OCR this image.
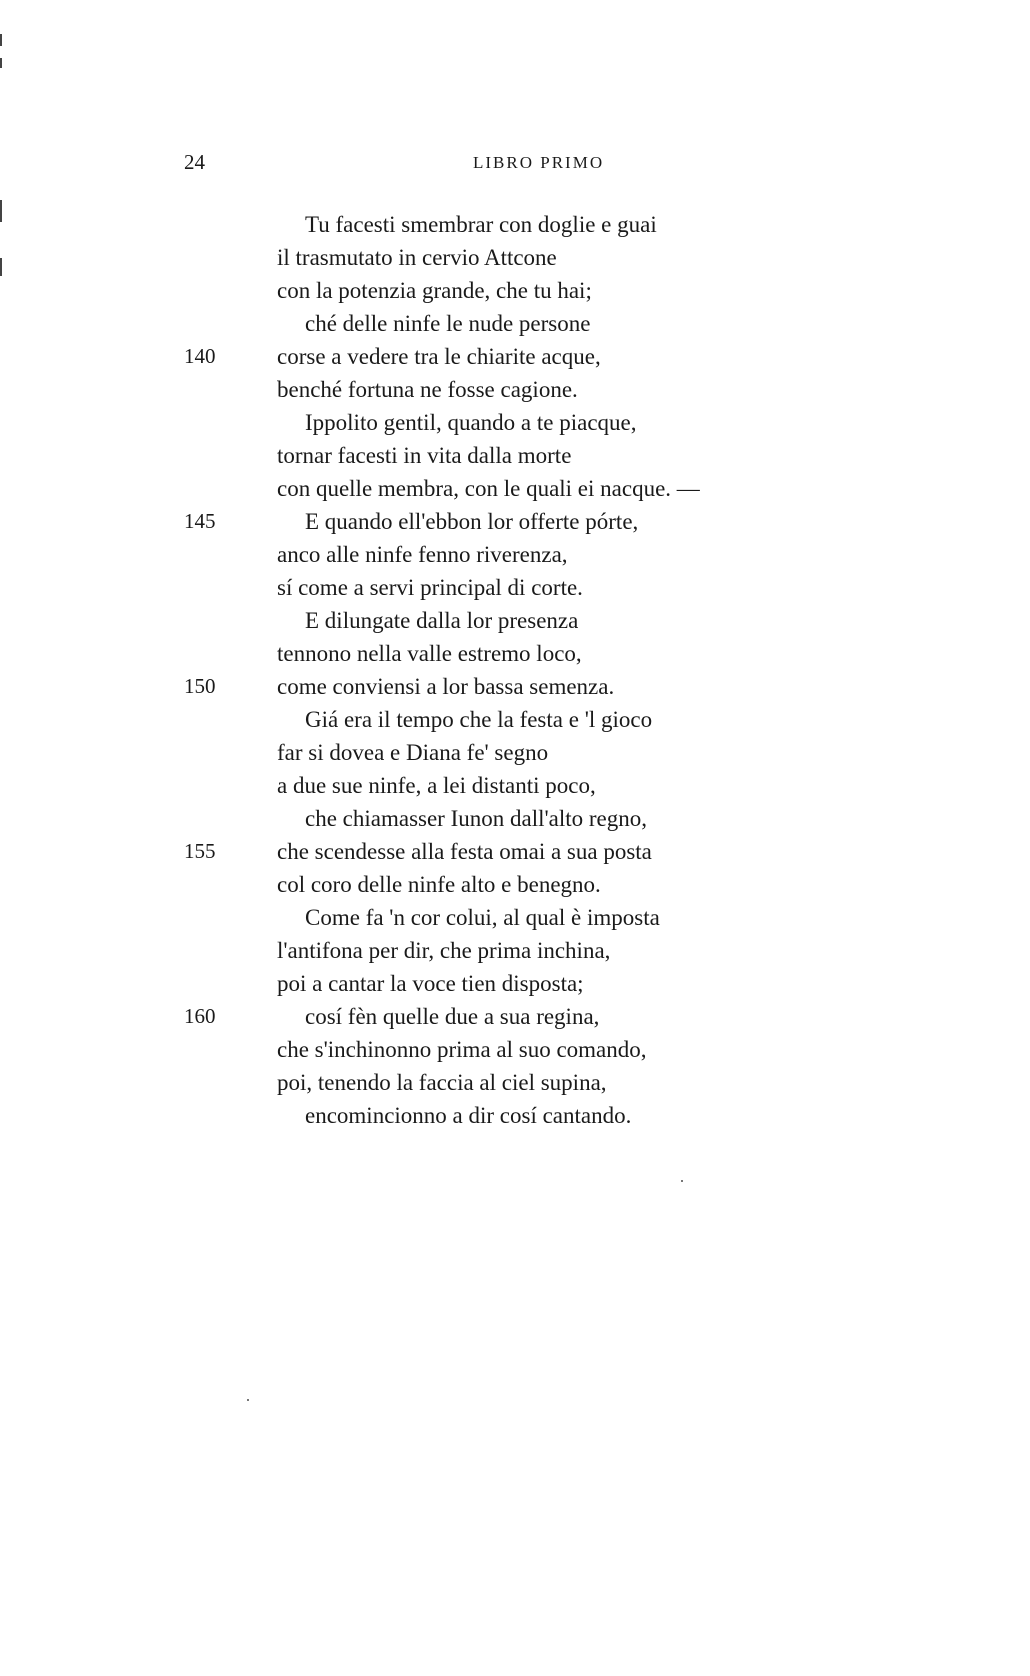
24	LIBRO PRIMO
Tu facesti smembrar con doglie e guai
il trasmutato in cervio Attcone
con la potenzia grande, che tu hai;
ché delle ninfe le nude persone
140	corse a vedere tra le chiarite acque,
benché fortuna ne fosse cagione.
Ippolito gentil, quando a te piacque,
tornar facesti in vita dalla morte
con quelle membra, con le quali ei nacque. —
145	E quando ell'ebbon lor offerte pórte,
anco alle ninfe fenno riverenza,
sí come a servi principal di corte.
E dilungate dalla lor presenza
tennono nella valle estremo loco,
150	come conviensi a lor bassa semenza.
Giá era il tempo che la festa e 'l gioco
far si dovea e Diana fe' segno
a due sue ninfe, a lei distanti poco,
che chiamasser Iunon dall'alto regno,
155	che scendesse alla festa omai a sua posta
col coro delle ninfe alto e benegno.
Come fa 'n cor colui, al qual è imposta
l'antifona per dir, che prima inchina,
poi a cantar la voce tien disposta;
160	cosí fèn quelle due a sua regina,
che s'inchinonno prima al suo comando,
poi, tenendo la faccia al ciel supina,
encomincionno a dir cosí cantando.
